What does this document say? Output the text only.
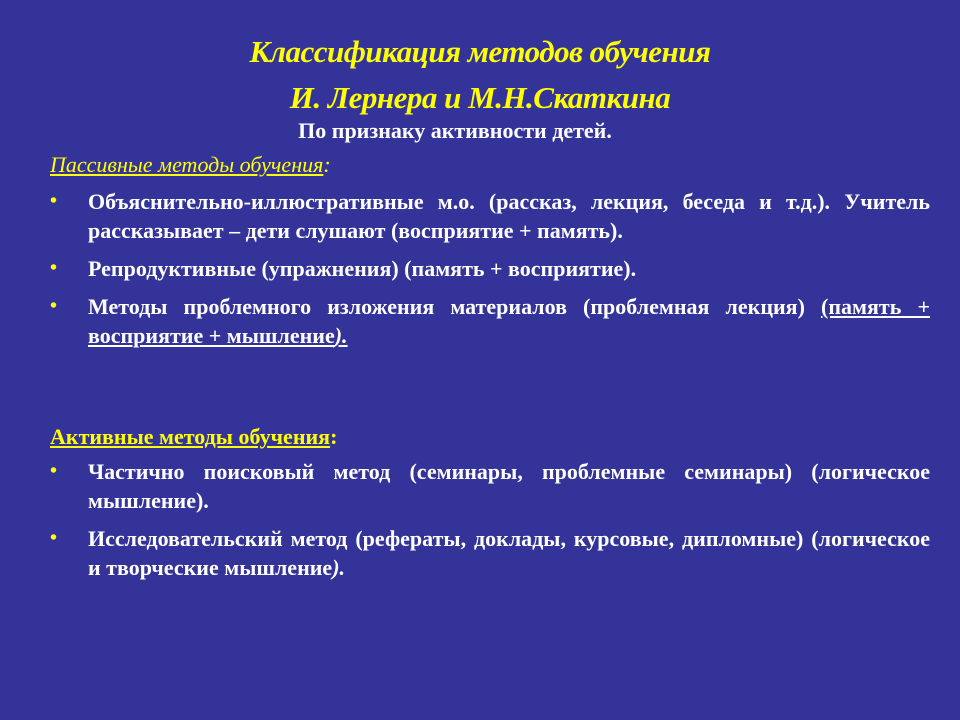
Классификация методов обучения
И. Лернера и М.Н.Скаткина
По признаку активности детей.
Пассивные методы обучения:
• Объяснительно-иллюстративные м.о. (рассказ, лекция, беседа и т.д.). Учитель рассказывает – дети слушают (восприятие + память).
• Репродуктивные (упражнения) (память + восприятие).
• Методы проблемного изложения материалов (проблемная лекция) (память + восприятие + мышление).
Активные методы обучения:
• Частично поисковый метод (семинары, проблемные семинары) (логическое мышление).
• Исследовательский метод (рефераты, доклады, курсовые, дипломные) (логическое и творческие мышление).
